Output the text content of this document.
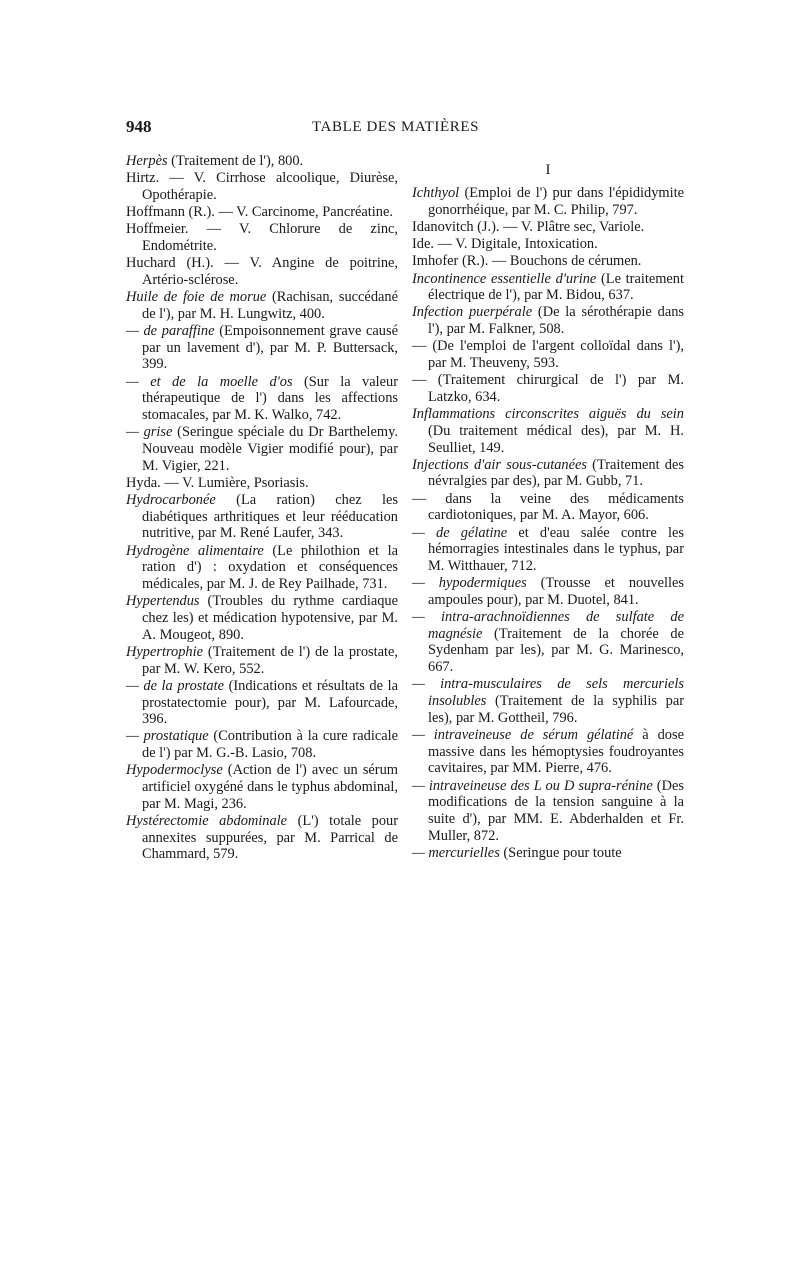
948	TABLE DES MATIÈRES

Herpès (Traitement de l'), 800.

Hirtz. — V. Cirrhose alcoolique, Diurèse, Opothérapie.

Hoffmann (R.). — V. Carcinome, Pancréatine.

Hoffmeier. — V. Chlorure de zinc, Endométrite.

Huchard (H.). — V. Angine de poitrine, Artério-sclérose.

Huile de foie de morue (Rachisan, succédané de l'), par M. H. Lungwitz, 400.

— de paraffine (Empoisonnement grave causé par un lavement d'), par M. P. Buttersack, 399.

— et de la moelle d'os (Sur la valeur thérapeutique de l') dans les affections stomacales, par M. K. Walko, 742.

— grise (Seringue spéciale du Dr Barthelemy. Nouveau modèle Vigier modifié pour), par M. Vigier, 221.

Hyda. — V. Lumière, Psoriasis.

Hydrocarbonée (La ration) chez les diabétiques arthritiques et leur rééducation nutritive, par M. René Laufer, 343.

Hydrogène alimentaire (Le philothion et la ration d') : oxydation et conséquences médicales, par M. J. de Rey Pailhade, 731.

Hypertendus (Troubles du rythme cardiaque chez les) et médication hypotensive, par M. A. Mougeot, 890.

Hypertrophie (Traitement de l') de la prostate, par M. W. Kero, 552.

— de la prostate (Indications et résultats de la prostatectomie pour), par M. Lafourcade, 396.

— prostatique (Contribution à la cure radicale de l') par M. G.-B. Lasio, 708.

Hypodermoclyse (Action de l') avec un sérum artificiel oxygéné dans le typhus abdominal, par M. Magi, 236.

Hystérectomie abdominale (L') totale pour annexites suppurées, par M. Parrical de Chammard, 579.

I

Ichthyol (Emploi de l') pur dans l'épididymite gonorrhéique, par M. C. Philip, 797.

Idanovitch (J.). — V. Plâtre sec, Variole.

Ide. — V. Digitale, Intoxication.

Imhofer (R.). — Bouchons de cérumen.

Incontinence essentielle d'urine (Le traitement électrique de l'), par M. Bidou, 637.

Infection puerpérale (De la sérothérapie dans l'), par M. Falkner, 508.

— (De l'emploi de l'argent colloïdal dans l'), par M. Theuveny, 593.

— (Traitement chirurgical de l') par M. Latzko, 634.

Inflammations circonscrites aiguës du sein (Du traitement médical des), par M. H. Seulliet, 149.

Injections d'air sous-cutanées (Traitement des névralgies par des), par M. Gubb, 71.

— dans la veine des médicaments cardiotoniques, par M. A. Mayor, 606.

— de gélatine et d'eau salée contre les hémorragies intestinales dans le typhus, par M. Witthauer, 712.

— hypodermiques (Trousse et nouvelles ampoules pour), par M. Duotel, 841.

— intra-arachnoïdiennes de sulfate de magnésie (Traitement de la chorée de Sydenham par les), par M. G. Marinesco, 667.

— intra-musculaires de sels mercuriels insolubles (Traitement de la syphilis par les), par M. Gottheil, 796.

— intraveineuse de sérum gélatiné à dose massive dans les hémoptysies foudroyantes cavitaires, par MM. Pierre, 476.

— intraveineuse des L ou D supra-rénine (Des modifications de la tension sanguine à la suite d'), par MM. E. Abderhalden et Fr. Muller, 872.

— mercurielles (Seringue pour toute
